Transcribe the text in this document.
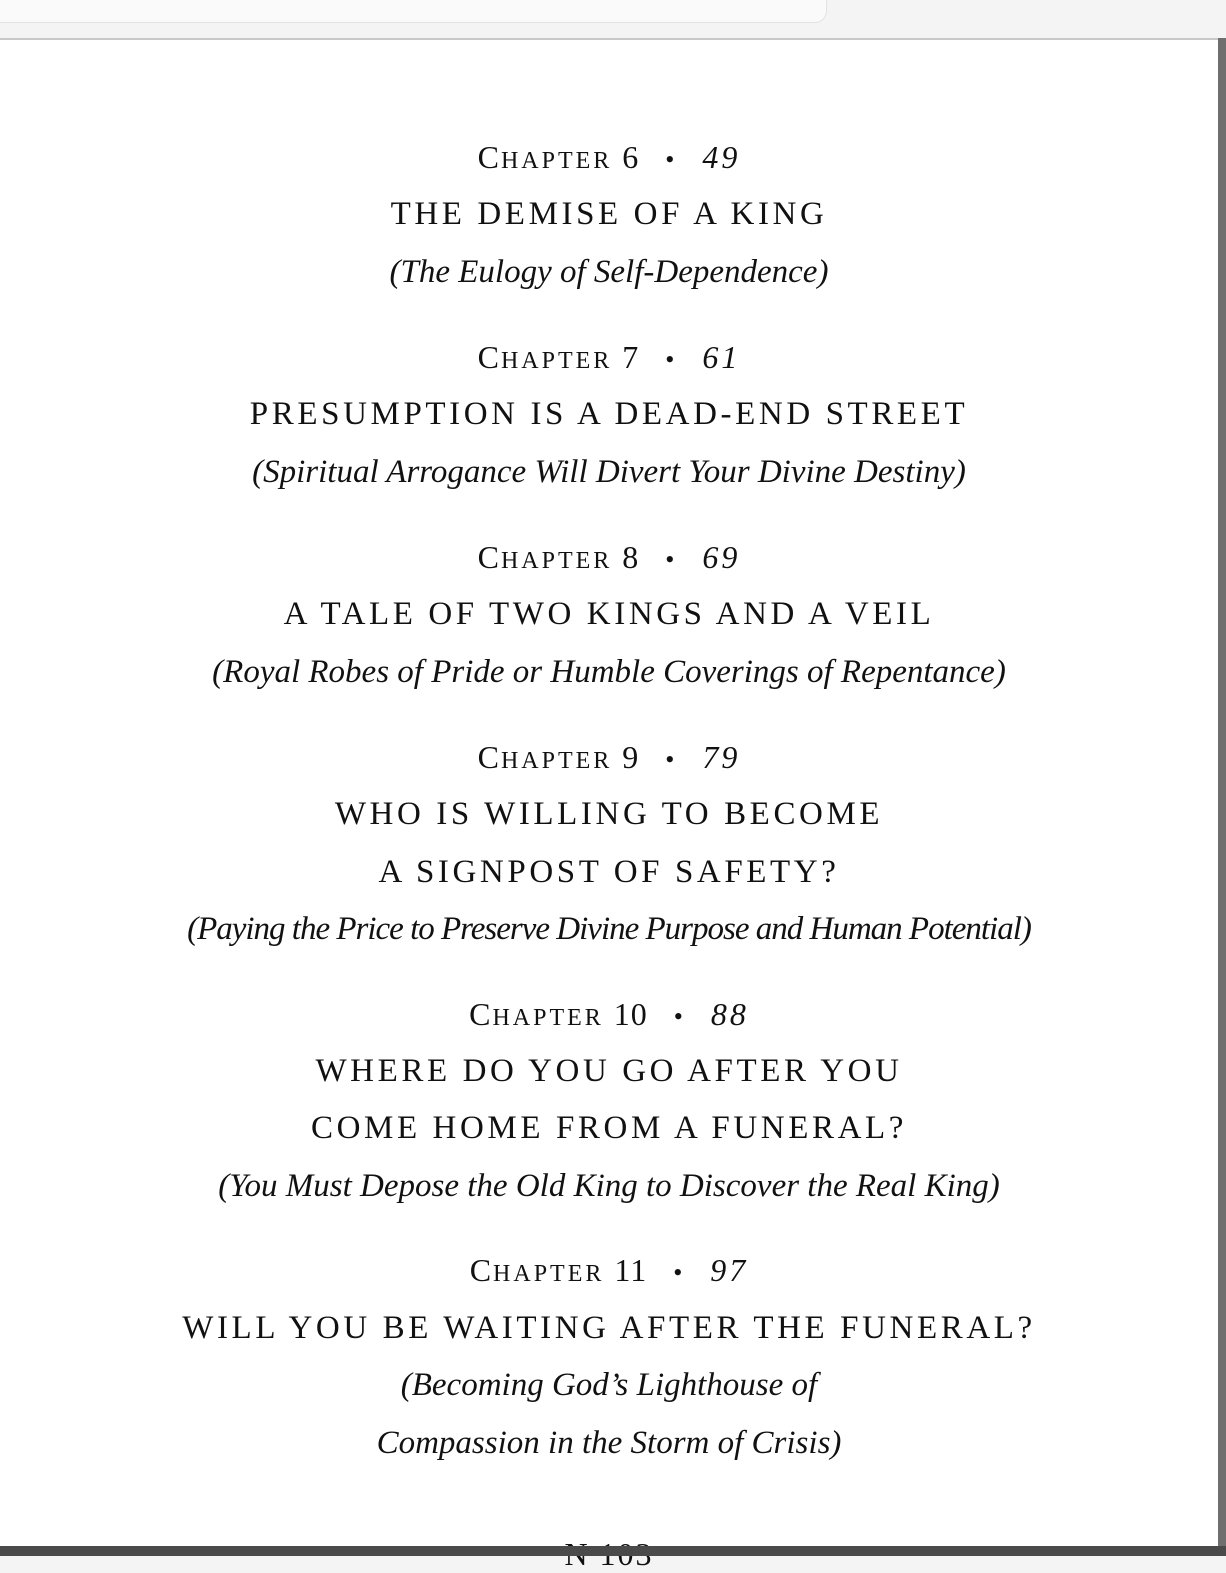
CHAPTER 6 • 49
THE DEMISE OF A KING
(The Eulogy of Self-Dependence)
CHAPTER 7 • 61
PRESUMPTION IS A DEAD-END STREET
(Spiritual Arrogance Will Divert Your Divine Destiny)
CHAPTER 8 • 69
A TALE OF TWO KINGS AND A VEIL
(Royal Robes of Pride or Humble Coverings of Repentance)
CHAPTER 9 • 79
WHO IS WILLING TO BECOME
A SIGNPOST OF SAFETY?
(Paying the Price to Preserve Divine Purpose and Human Potential)
CHAPTER 10 • 88
WHERE DO YOU GO AFTER YOU
COME HOME FROM A FUNERAL?
(You Must Depose the Old King to Discover the Real King)
CHAPTER 11 • 97
WILL YOU BE WAITING AFTER THE FUNERAL?
(Becoming God’s Lighthouse of
Compassion in the Storm of Crisis)
